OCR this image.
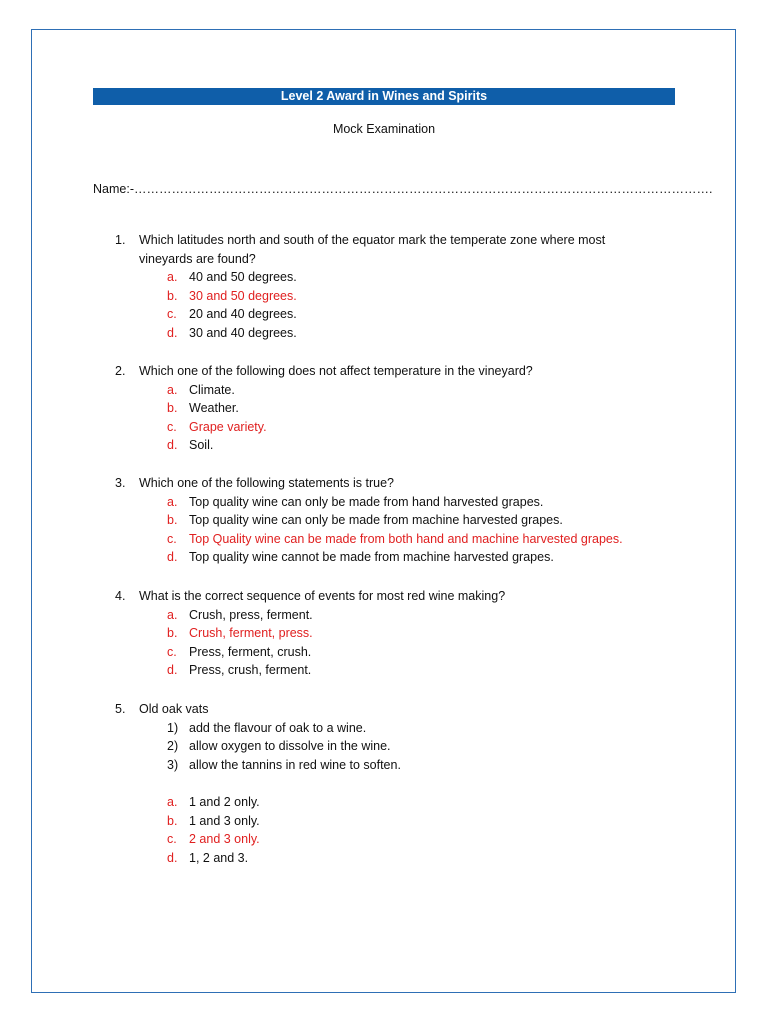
Level 2 Award in Wines and Spirits
Mock Examination
Name:-………………………………………………………………………………………………………………………….
1.	Which latitudes north and south of the equator mark the temperate zone where most vineyards are found?
a. 40 and 50 degrees.
b. 30 and 50 degrees.
c. 20 and 40 degrees.
d. 30 and 40 degrees.
2.	Which one of the following does not affect temperature in the vineyard?
a. Climate.
b. Weather.
c. Grape variety.
d. Soil.
3.	Which one of the following statements is true?
a. Top quality wine can only be made from hand harvested grapes.
b. Top quality wine can only be made from machine harvested grapes.
c. Top Quality wine can be made from both hand and machine harvested grapes.
d. Top quality wine cannot be made from machine harvested grapes.
4.	What is the correct sequence of events for most red wine making?
a. Crush, press, ferment.
b. Crush, ferment, press.
c. Press, ferment, crush.
d. Press, crush, ferment.
5.	Old oak vats
1) add the flavour of oak to a wine.
2) allow oxygen to dissolve in the wine.
3) allow the tannins in red wine to soften.
a. 1 and 2 only.
b. 1 and 3 only.
c. 2 and 3 only.
d. 1, 2 and 3.
